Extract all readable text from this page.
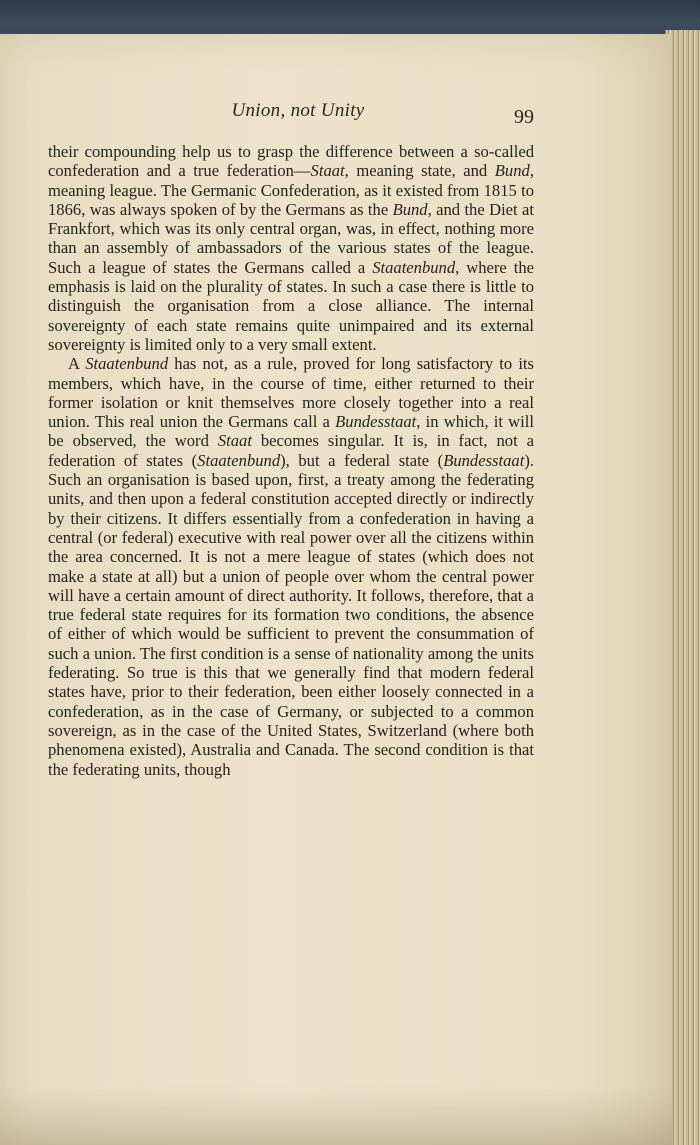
Union, not Unity	99

their compounding help us to grasp the difference between a so-called confederation and a true federation—Staat, meaning state, and Bund, meaning league. The Germanic Confederation, as it existed from 1815 to 1866, was always spoken of by the Germans as the Bund, and the Diet at Frankfort, which was its only central organ, was, in effect, nothing more than an assembly of ambassadors of the various states of the league. Such a league of states the Germans called a Staatenbund, where the emphasis is laid on the plurality of states. In such a case there is little to distinguish the organisation from a close alliance. The internal sovereignty of each state remains quite unimpaired and its external sovereignty is limited only to a very small extent.

A Staatenbund has not, as a rule, proved for long satisfactory to its members, which have, in the course of time, either returned to their former isolation or knit themselves more closely together into a real union. This real union the Germans call a Bundesstaat, in which, it will be observed, the word Staat becomes singular. It is, in fact, not a federation of states (Staatenbund), but a federal state (Bundesstaat). Such an organisation is based upon, first, a treaty among the federating units, and then upon a federal constitution accepted directly or indirectly by their citizens. It differs essentially from a confederation in having a central (or federal) executive with real power over all the citizens within the area concerned. It is not a mere league of states (which does not make a state at all) but a union of people over whom the central power will have a certain amount of direct authority. It follows, therefore, that a true federal state requires for its formation two conditions, the absence of either of which would be sufficient to prevent the consummation of such a union. The first condition is a sense of nationality among the units federating. So true is this that we generally find that modern federal states have, prior to their federation, been either loosely connected in a confederation, as in the case of Germany, or subjected to a common sovereign, as in the case of the United States, Switzerland (where both phenomena existed), Australia and Canada. The second condition is that the federating units, though
